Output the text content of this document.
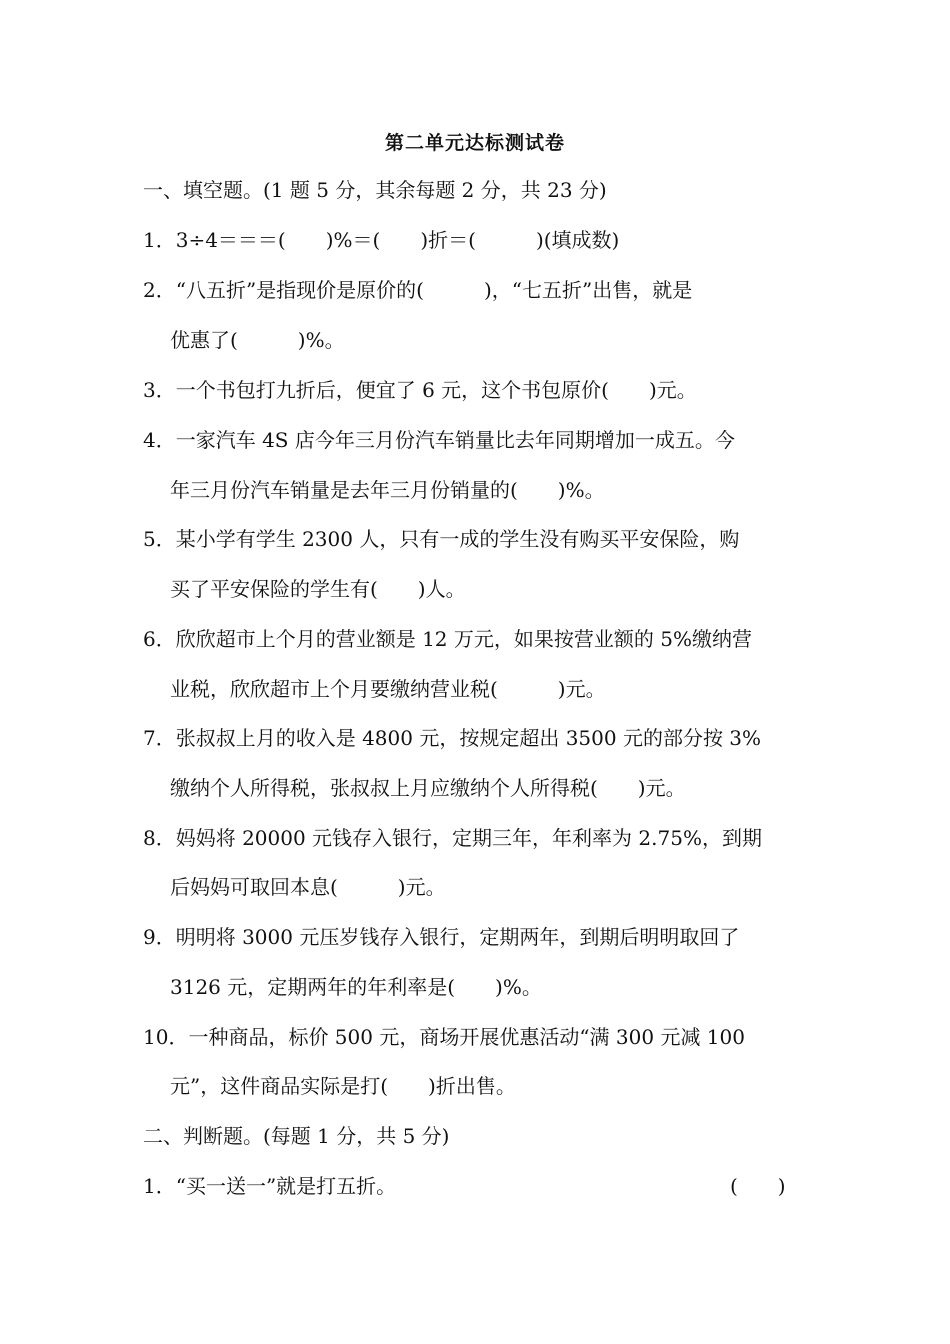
第二单元达标测试卷
一、填空题。(1 题 5 分，其余每题 2 分，共 23 分)
1．3÷4＝＝＝(　　)%＝(　　)折＝(　　　)(填成数)
2．“八五折”是指现价是原价的(　　　)，“七五折”出售，就是
优惠了(　　　)%。
3．一个书包打九折后，便宜了 6 元，这个书包原价(　　)元。
4．一家汽车 4S 店今年三月份汽车销量比去年同期增加一成五。今
年三月份汽车销量是去年三月份销量的(　　)%。
5．某小学有学生 2300 人，只有一成的学生没有购买平安保险，购
买了平安保险的学生有(　　)人。
6．欣欣超市上个月的营业额是 12 万元，如果按营业额的 5%缴纳营
业税，欣欣超市上个月要缴纳营业税(　　　)元。
7．张叔叔上月的收入是 4800 元，按规定超出 3500 元的部分按 3%
缴纳个人所得税，张叔叔上月应缴纳个人所得税(　　)元。
8．妈妈将 20000 元钱存入银行，定期三年，年利率为 2.75%，到期
后妈妈可取回本息(　　　)元。
9．明明将 3000 元压岁钱存入银行，定期两年，到期后明明取回了
3126 元，定期两年的年利率是(　　)%。
10．一种商品，标价 500 元，商场开展优惠活动“满 300 元减 100
元”，这件商品实际是打(　　)折出售。
二、判断题。(每题 1 分，共 5 分)
1．“买一送一”就是打五折。	(　　)
